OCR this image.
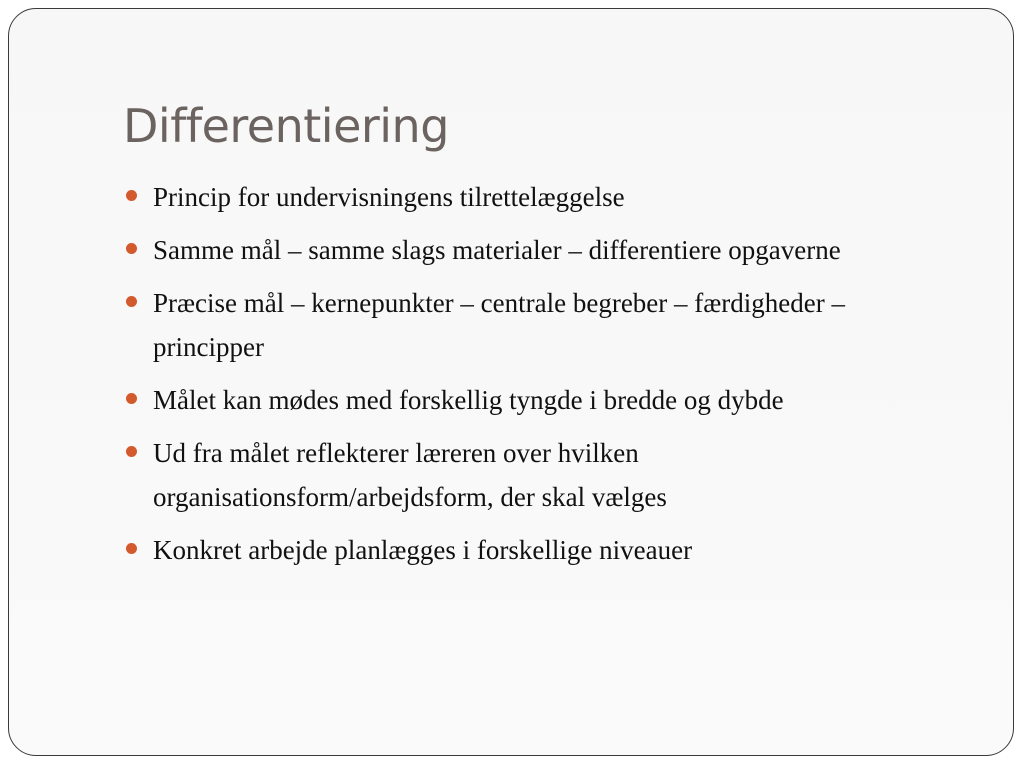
Differentiering
Princip for undervisningens tilrettelæggelse
Samme mål – samme slags materialer – differentiere opgaverne
Præcise mål – kernepunkter – centrale begreber – færdigheder – principper
Målet kan mødes med forskellig tyngde i bredde og dybde
Ud fra målet reflekterer læreren over hvilken organisationsform/arbejdsform, der skal vælges
Konkret arbejde planlægges i forskellige niveauer
